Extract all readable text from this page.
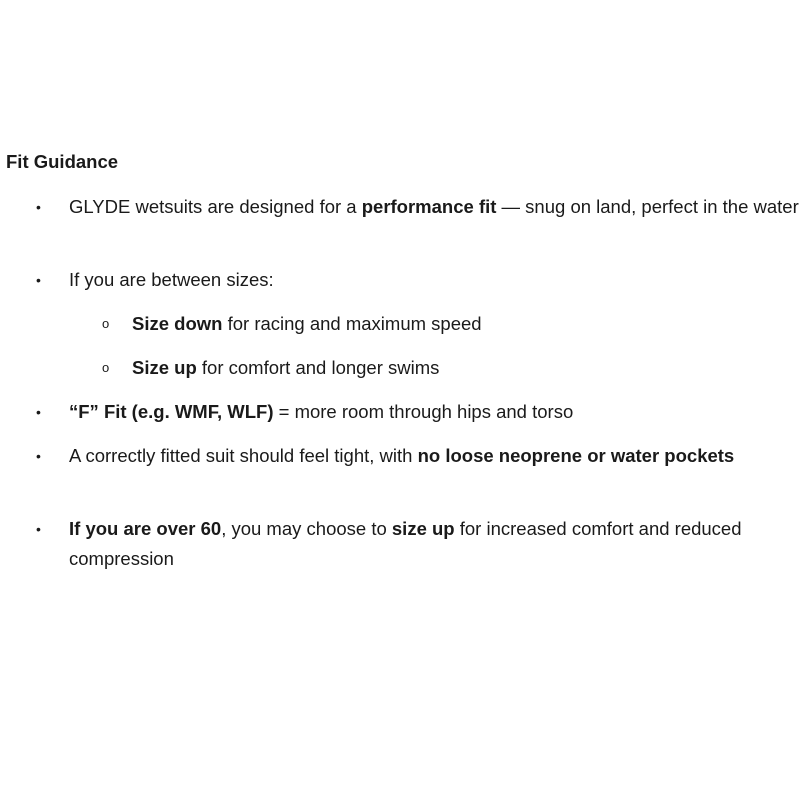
Fit Guidance

• GLYDE wetsuits are designed for a performance fit — snug on land, perfect in the water

• If you are between sizes:

o Size down for racing and maximum speed

o Size up for comfort and longer swims

• “F” Fit (e.g. WMF, WLF) = more room through hips and torso

• A correctly fitted suit should feel tight, with no loose neoprene or water pockets

• If you are over 60, you may choose to size up for increased comfort and reduced compression
